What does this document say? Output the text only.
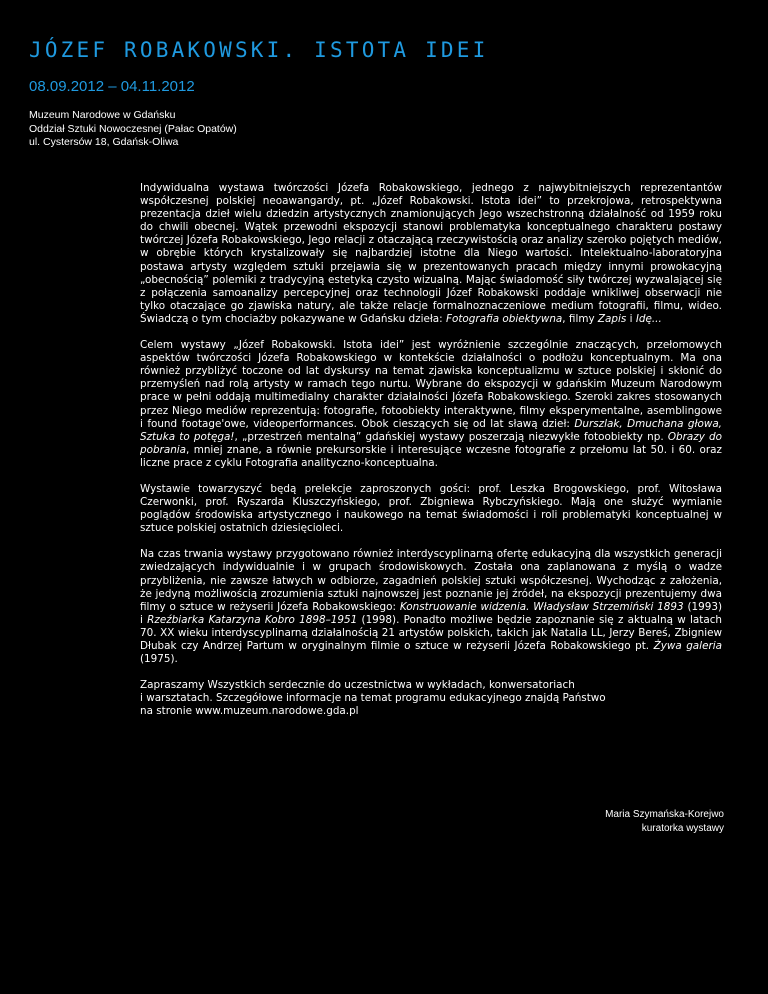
JÓZEF ROBAKOWSKI. ISTOTA IDEI
08.09.2012 – 04.11.2012
Muzeum Narodowe w Gdańsku
Oddział Sztuki Nowoczesnej (Pałac Opatów)
ul. Cystersów 18, Gdańsk-Oliwa

Indywidualna wystawa twórczości Józefa Robakowskiego, jednego z najwybitniejszych reprezentantów współczesnej polskiej neoawangardy, pt. „Józef Robakowski. Istota idei” to przekrojowa, retrospektywna prezentacja dzieł wielu dziedzin artystycznych znamionujących Jego wszechstronną działalność od 1959 roku do chwili obecnej. Wątek przewodni ekspozycji stanowi problematyka konceptualnego charakteru postawy twórczej Józefa Robakowskiego, Jego relacji z otaczającą rzeczywistością oraz analizy szeroko pojętych mediów, w obrębie których krystalizowały się najbardziej istotne dla Niego wartości. Intelektualno-laboratoryjna postawa artysty względem sztuki przejawia się w prezentowanych pracach między innymi prowokacyjną „obecnością” polemiki z tradycyjną estetyką czysto wizualną. Mając świadomość siły twórczej wyzwalającej się z połączenia samoanalizy percepcyjnej oraz technologii Józef Robakowski poddaje wnikliwej obserwacji nie tylko otaczające go zjawiska natury, ale także relacje formalnoznaczeniowe medium fotografii, filmu, wideo. Świadczą o tym chociażby pokazywane w Gdańsku dzieła: Fotografia obiektywna, filmy Zapis i Idę...

Celem wystawy „Józef Robakowski. Istota idei” jest wyróżnienie szczególnie znaczących, przełomowych aspektów twórczości Józefa Robakowskiego w kontekście działalności o podłożu konceptualnym. Ma ona również przybliżyć toczone od lat dyskursy na temat zjawiska konceptualizmu w sztuce polskiej i skłonić do przemyśleń nad rolą artysty w ramach tego nurtu. Wybrane do ekspozycji w gdańskim Muzeum Narodowym prace w pełni oddają multimedialny charakter działalności Józefa Robakowskiego. Szeroki zakres stosowanych przez Niego mediów reprezentują: fotografie, fotoobiekty interaktywne, filmy eksperymentalne, asemblingowe i found footage'owe, videoperformances. Obok cieszących się od lat sławą dzieł: Durszlak, Dmuchana głowa, Sztuka to potęga!, „przestrzeń mentalną” gdańskiej wystawy poszerzają niezwykłe fotoobiekty np. Obrazy do pobrania, mniej znane, a równie prekursorskie i interesujące wczesne fotografie z przełomu lat 50. i 60. oraz liczne prace z cyklu Fotografia analityczno-konceptualna.

Wystawie towarzyszyć będą prelekcje zaproszonych gości: prof. Leszka Brogowskiego, prof. Witosława Czerwonki, prof. Ryszarda Kluszczyńskiego, prof. Zbigniewa Rybczyńskiego. Mają one służyć wymianie poglądów środowiska artystycznego i naukowego na temat świadomości i roli problematyki konceptualnej w sztuce polskiej ostatnich dziesięcioleci.

Na czas trwania wystawy przygotowano również interdyscyplinarną ofertę edukacyjną dla wszystkich generacji zwiedzających indywidualnie i w grupach środowiskowych. Została ona zaplanowana z myślą o wadze przybliżenia, nie zawsze łatwych w odbiorze, zagadnień polskiej sztuki współczesnej. Wychodząc z założenia, że jedyną możliwością zrozumienia sztuki najnowszej jest poznanie jej źródeł, na ekspozycji prezentujemy dwa filmy o sztuce w reżyserii Józefa Robakowskiego: Konstruowanie widzenia. Władysław Strzemiński 1893 (1993) i Rzeźbiarka Katarzyna Kobro 1898–1951 (1998). Ponadto możliwe będzie zapoznanie się z aktualną w latach 70. XX wieku interdyscyplinarną działalnością 21 artystów polskich, takich jak Natalia LL, Jerzy Bereś, Zbigniew Dłubak czy Andrzej Partum w oryginalnym filmie o sztuce w reżyserii Józefa Robakowskiego pt. Żywa galeria (1975).

Zapraszamy Wszystkich serdecznie do uczestnictwa w wykładach, konwersatoriach
i warsztatach. Szczegółowe informacje na temat programu edukacyjnego znajdą Państwo
na stronie www.muzeum.narodowe.gda.pl

Maria Szymańska-Korejwo
kuratorka wystawy
